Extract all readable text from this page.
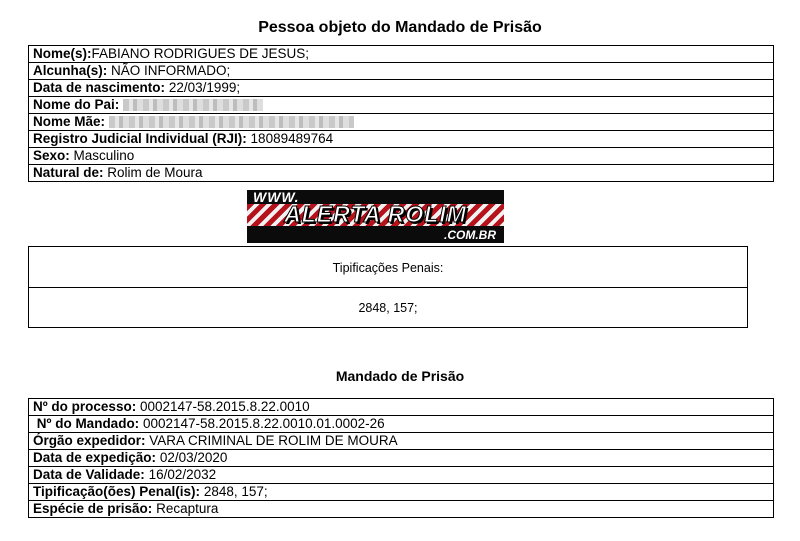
Pessoa objeto do Mandado de Prisão
Nome(s):FABIANO RODRIGUES DE JESUS;
Alcunha(s): NÃO INFORMADO;
Data de nascimento: 22/03/1999;
Nome do Pai:
Nome Mãe:
Registro Judicial Individual (RJI): 18089489764
Sexo: Masculino
Natural de: Rolim de Moura
WWW.
ALERTA ROLIM
.COM.BR
Tipificações Penais:
2848, 157;
Mandado de Prisão
Nº do processo: 0002147-58.2015.8.22.0010
Nº do Mandado: 0002147-58.2015.8.22.0010.01.0002-26
Órgão expedidor: VARA CRIMINAL DE ROLIM DE MOURA
Data de expedição: 02/03/2020
Data de Validade: 16/02/2032
Tipificação(ões) Penal(is): 2848, 157;
Espécie de prisão: Recaptura
